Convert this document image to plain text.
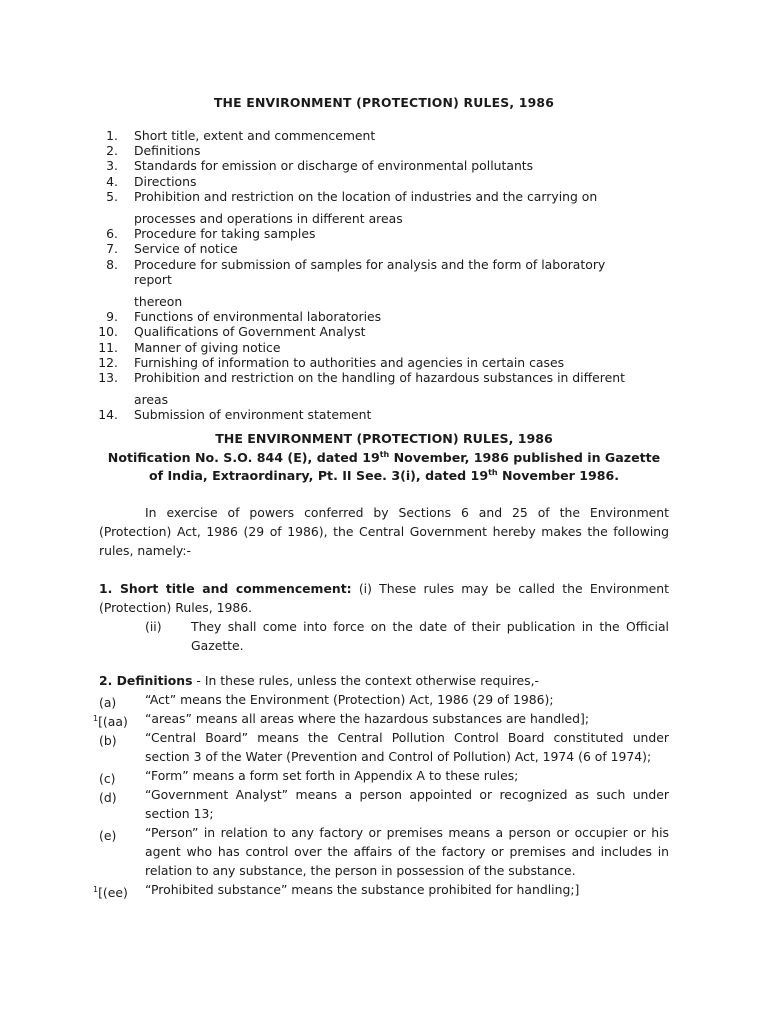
THE ENVIRONMENT (PROTECTION) RULES, 1986
1. Short title, extent and commencement
2. Definitions
3. Standards for emission or discharge of environmental pollutants
4. Directions
5. Prohibition and restriction on the location of industries and the carrying on
processes and operations in different areas
6. Procedure for taking samples
7. Service of notice
8. Procedure for submission of samples for analysis and the form of laboratory report
thereon
9. Functions of environmental laboratories
10. Qualifications of Government Analyst
11. Manner of giving notice
12. Furnishing of information to authorities and agencies in certain cases
13. Prohibition and restriction on the handling of hazardous substances in different
areas
14. Submission of environment statement
THE ENVIRONMENT (PROTECTION) RULES, 1986
Notification No. S.O. 844 (E), dated 19th November, 1986 published in Gazette of India, Extraordinary, Pt. II See. 3(i), dated 19th November 1986.
In exercise of powers conferred by Sections 6 and 25 of the Environment (Protection) Act, 1986 (29 of 1986), the Central Government hereby makes the following rules, namely:-
1. Short title and commencement: (i) These rules may be called the Environment (Protection) Rules, 1986.
(ii) They shall come into force on the date of their publication in the Official Gazette.
2. Definitions - In these rules, unless the context otherwise requires,-
(a) “Act” means the Environment (Protection) Act, 1986 (29 of 1986);
$^1$[(aa) “areas” means all areas where the hazardous substances are handled];
(b) “Central Board” means the Central Pollution Control Board constituted under section 3 of the Water (Prevention and Control of Pollution) Act, 1974 (6 of 1974);
(c) “Form” means a form set forth in Appendix A to these rules;
(d) “Government Analyst” means a person appointed or recognized as such under section 13;
(e) “Person” in relation to any factory or premises means a person or occupier or his agent who has control over the affairs of the factory or premises and includes in relation to any substance, the person in possession of the substance.
$^1$[(ee) “Prohibited substance” means the substance prohibited for handling;]
